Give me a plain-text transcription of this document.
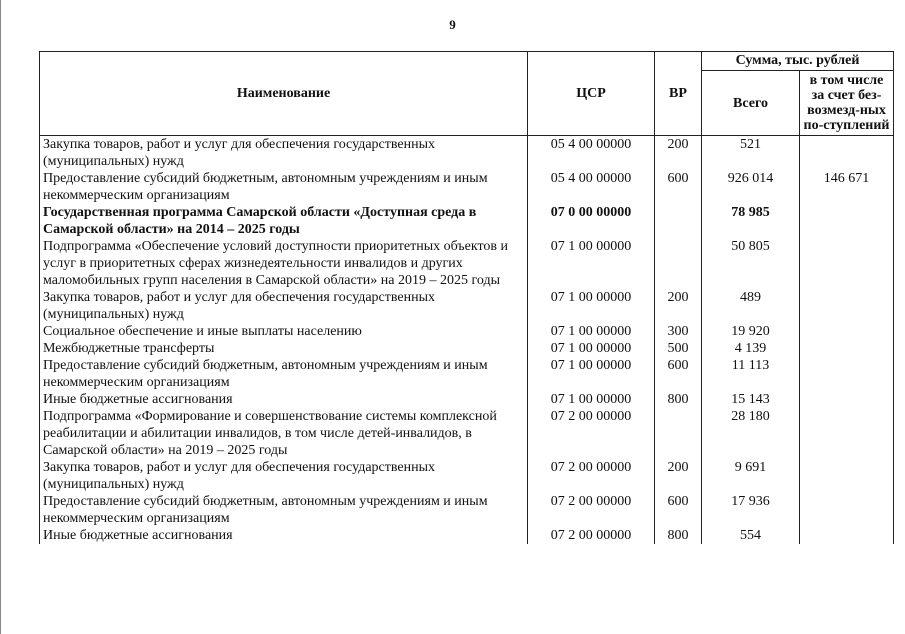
9
Наименование	ЦСР	ВР	Сумма, тыс. рублей	
			Всего	в том числе за счет без-возмезд-ных по-ступлений
Закупка товаров, работ и услуг для обеспечения государственных (муниципальных) нужд	05 4 00 00000	200	521	
Предоставление субсидий бюджетным, автономным учреждениям и иным некоммерческим организациям	05 4 00 00000	600	926 014	146 671
Государственная программа Самарской области «Доступная среда в Самарской области» на 2014 – 2025 годы	07 0 00 00000		78 985	
Подпрограмма «Обеспечение условий доступности приоритетных объектов и услуг в приоритетных сферах жизнедеятельности инвалидов и других маломобильных групп населения в Самарской области» на 2019 – 2025 годы	07 1 00 00000		50 805	
Закупка товаров, работ и услуг для обеспечения государственных (муниципальных) нужд	07 1 00 00000	200	489	
Социальное обеспечение и иные выплаты населению	07 1 00 00000	300	19 920	
Межбюджетные трансферты	07 1 00 00000	500	4 139	
Предоставление субсидий бюджетным, автономным учреждениям и иным некоммерческим организациям	07 1 00 00000	600	11 113	
Иные бюджетные ассигнования	07 1 00 00000	800	15 143	
Подпрограмма «Формирование и совершенствование системы комплексной реабилитации и абилитации инвалидов, в том числе детей-инвалидов, в Самарской области» на 2019 – 2025 годы	07 2 00 00000		28 180	
Закупка товаров, работ и услуг для обеспечения государственных (муниципальных) нужд	07 2 00 00000	200	9 691	
Предоставление субсидий бюджетным, автономным учреждениям и иным некоммерческим организациям	07 2 00 00000	600	17 936	
Иные бюджетные ассигнования	07 2 00 00000	800	554	
